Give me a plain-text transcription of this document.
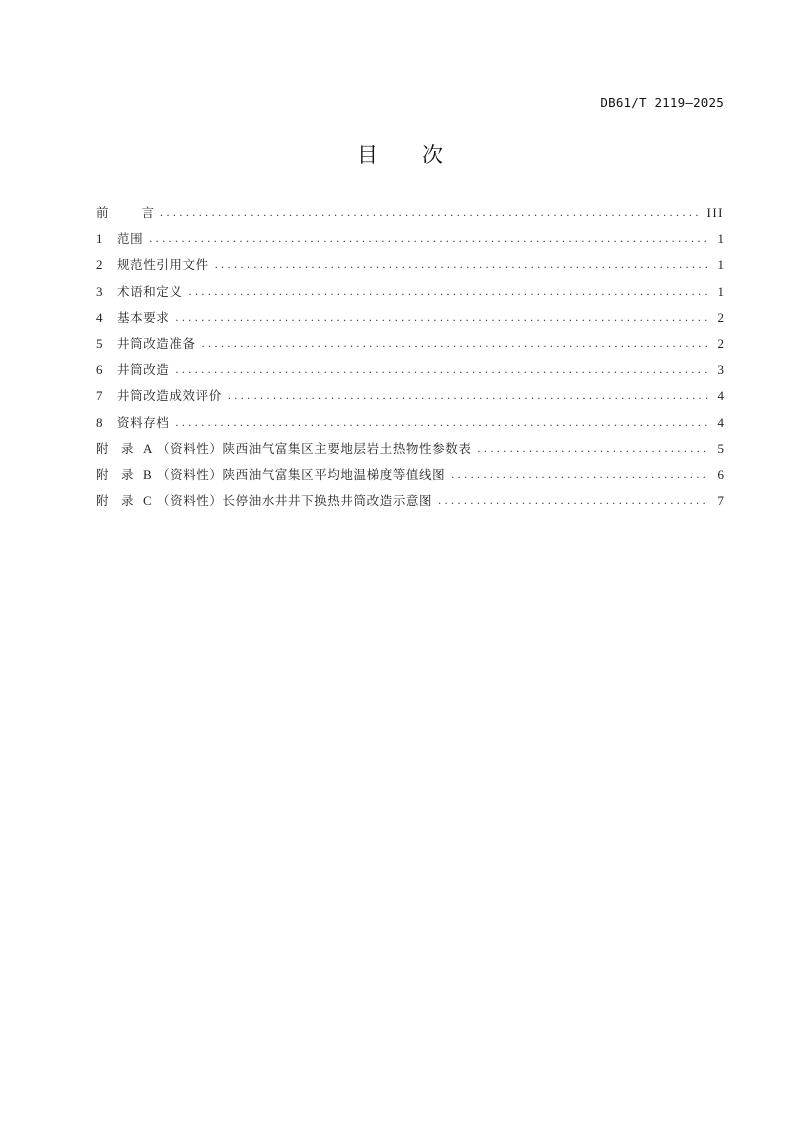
DB61/T 2119—2025
目 次
前	言 .....	III
1	范围 .....	1
2	规范性引用文件 .....	1
3	术语和定义 .....	1
4	基本要求 .....	2
5	井筒改造准备 .....	2
6	井筒改造 .....	3
7	井筒改造成效评价 .....	4
8	资料存档 .....	4
附 录 A （资料性） 陕西油气富集区主要地层岩土热物性参数表 .....	5
附 录 B （资料性） 陕西油气富集区平均地温梯度等值线图 .....	6
附 录 C （资料性） 长停油水井井下换热井筒改造示意图 .....	7
